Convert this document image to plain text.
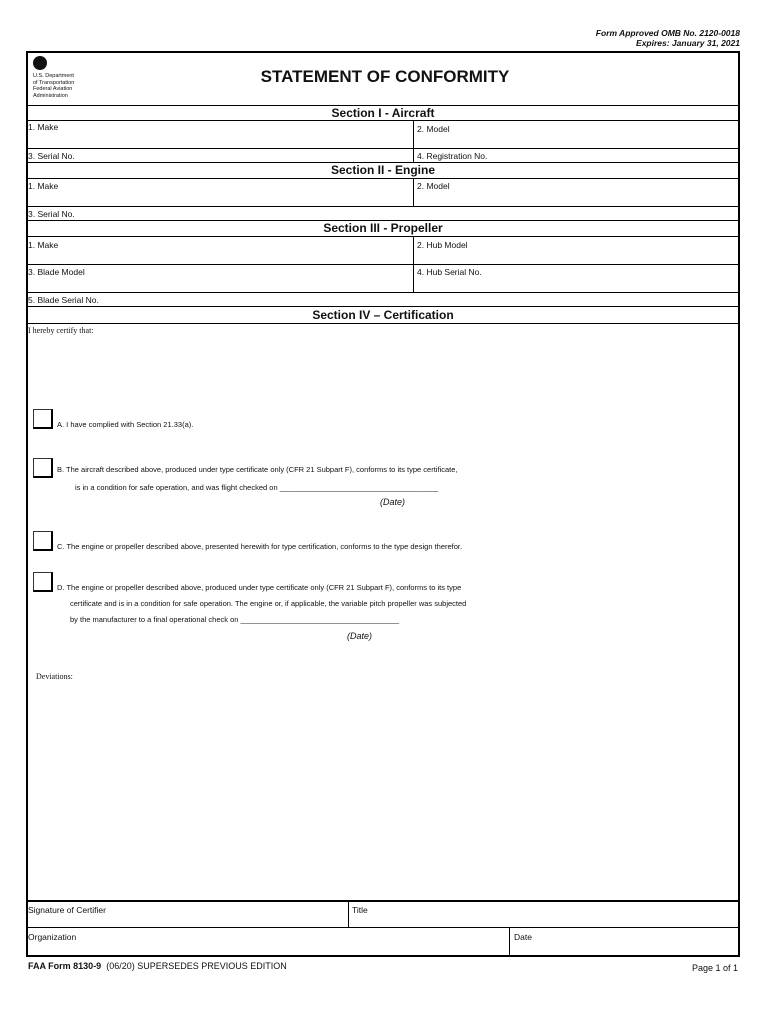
Form Approved OMB No. 2120-0018
Expires: January 31, 2021
U.S. Department
of Transportation
Federal Aviation
Administration
STATEMENT OF CONFORMITY
Section I - Aircraft
1. Make	2. Model
3. Serial No.	4. Registration No.
Section II - Engine
1. Make	2. Model
3. Serial No.
Section III - Propeller
1. Make	2. Hub Model
3. Blade Model	4. Hub Serial No.
5. Blade Serial No.
Section IV – Certification
I hereby certify that:
A. I have complied with Section 21.33(a).
B. The aircraft described above, produced under type certificate only (CFR 21 Subpart F), conforms to its type certificate,
is in a condition for safe operation, and was flight checked on ______________________________________
(Date)
C. The engine or propeller described above, presented herewith for type certification, conforms to the type design therefor.
D. The engine or propeller described above, produced under type certificate only (CFR 21 Subpart F), conforms to its type
certificate and is in a condition for safe operation. The engine or, if applicable, the variable pitch propeller was subjected
by the manufacturer to a final operational check on ______________________________________
(Date)
Deviations:
Signature of Certifier	Title
Organization	Date
FAA Form 8130-9 (06/20) SUPERSEDES PREVIOUS EDITION	Page 1 of 1
